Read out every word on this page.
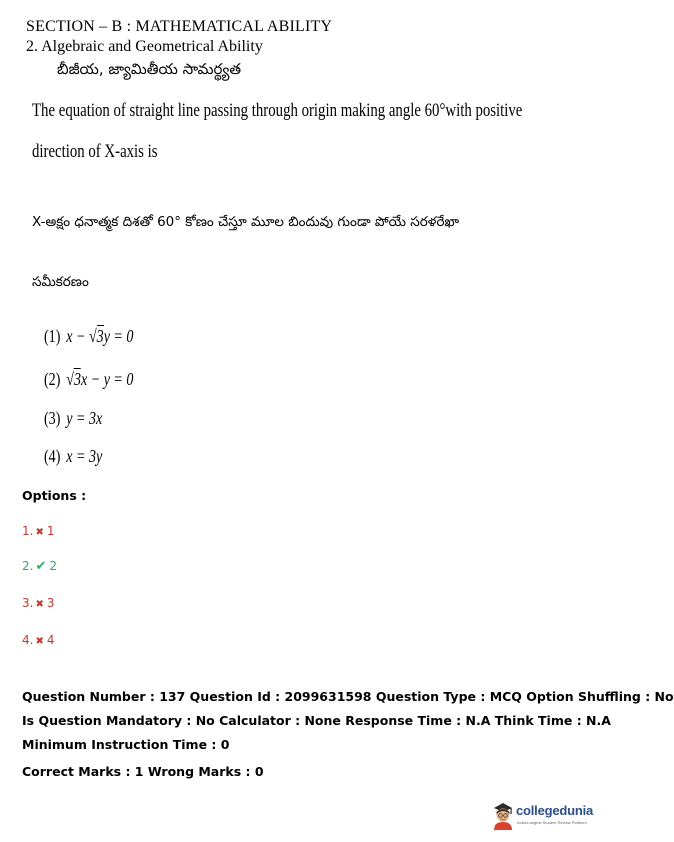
SECTION – B : MATHEMATICAL ABILITY
2. Algebraic and Geometrical Ability
బీజీయ, జ్యామితీయ సామర్థ్యత
The equation of straight line passing through origin making angle 60°with positive
direction of X-axis is
X-అక్షం ధనాత్మక దిశతో 60° కోణం చేస్తూ మూల బిందువు గుండా పోయే సరళరేఖా
సమీకరణం
(1) x − √3y = 0
(2) √3x − y = 0
(3) y = 3x
(4) x = 3y
Options :
1. ✖ 1
2. ✔ 2
3. ✖ 3
4. ✖ 4
Question Number : 137 Question Id : 2099631598 Question Type : MCQ Option Shuffling : No
Is Question Mandatory : No Calculator : None Response Time : N.A Think Time : N.A
Minimum Instruction Time : 0
Correct Marks : 1 Wrong Marks : 0
collegedunia
India's largest Student Review Platform
